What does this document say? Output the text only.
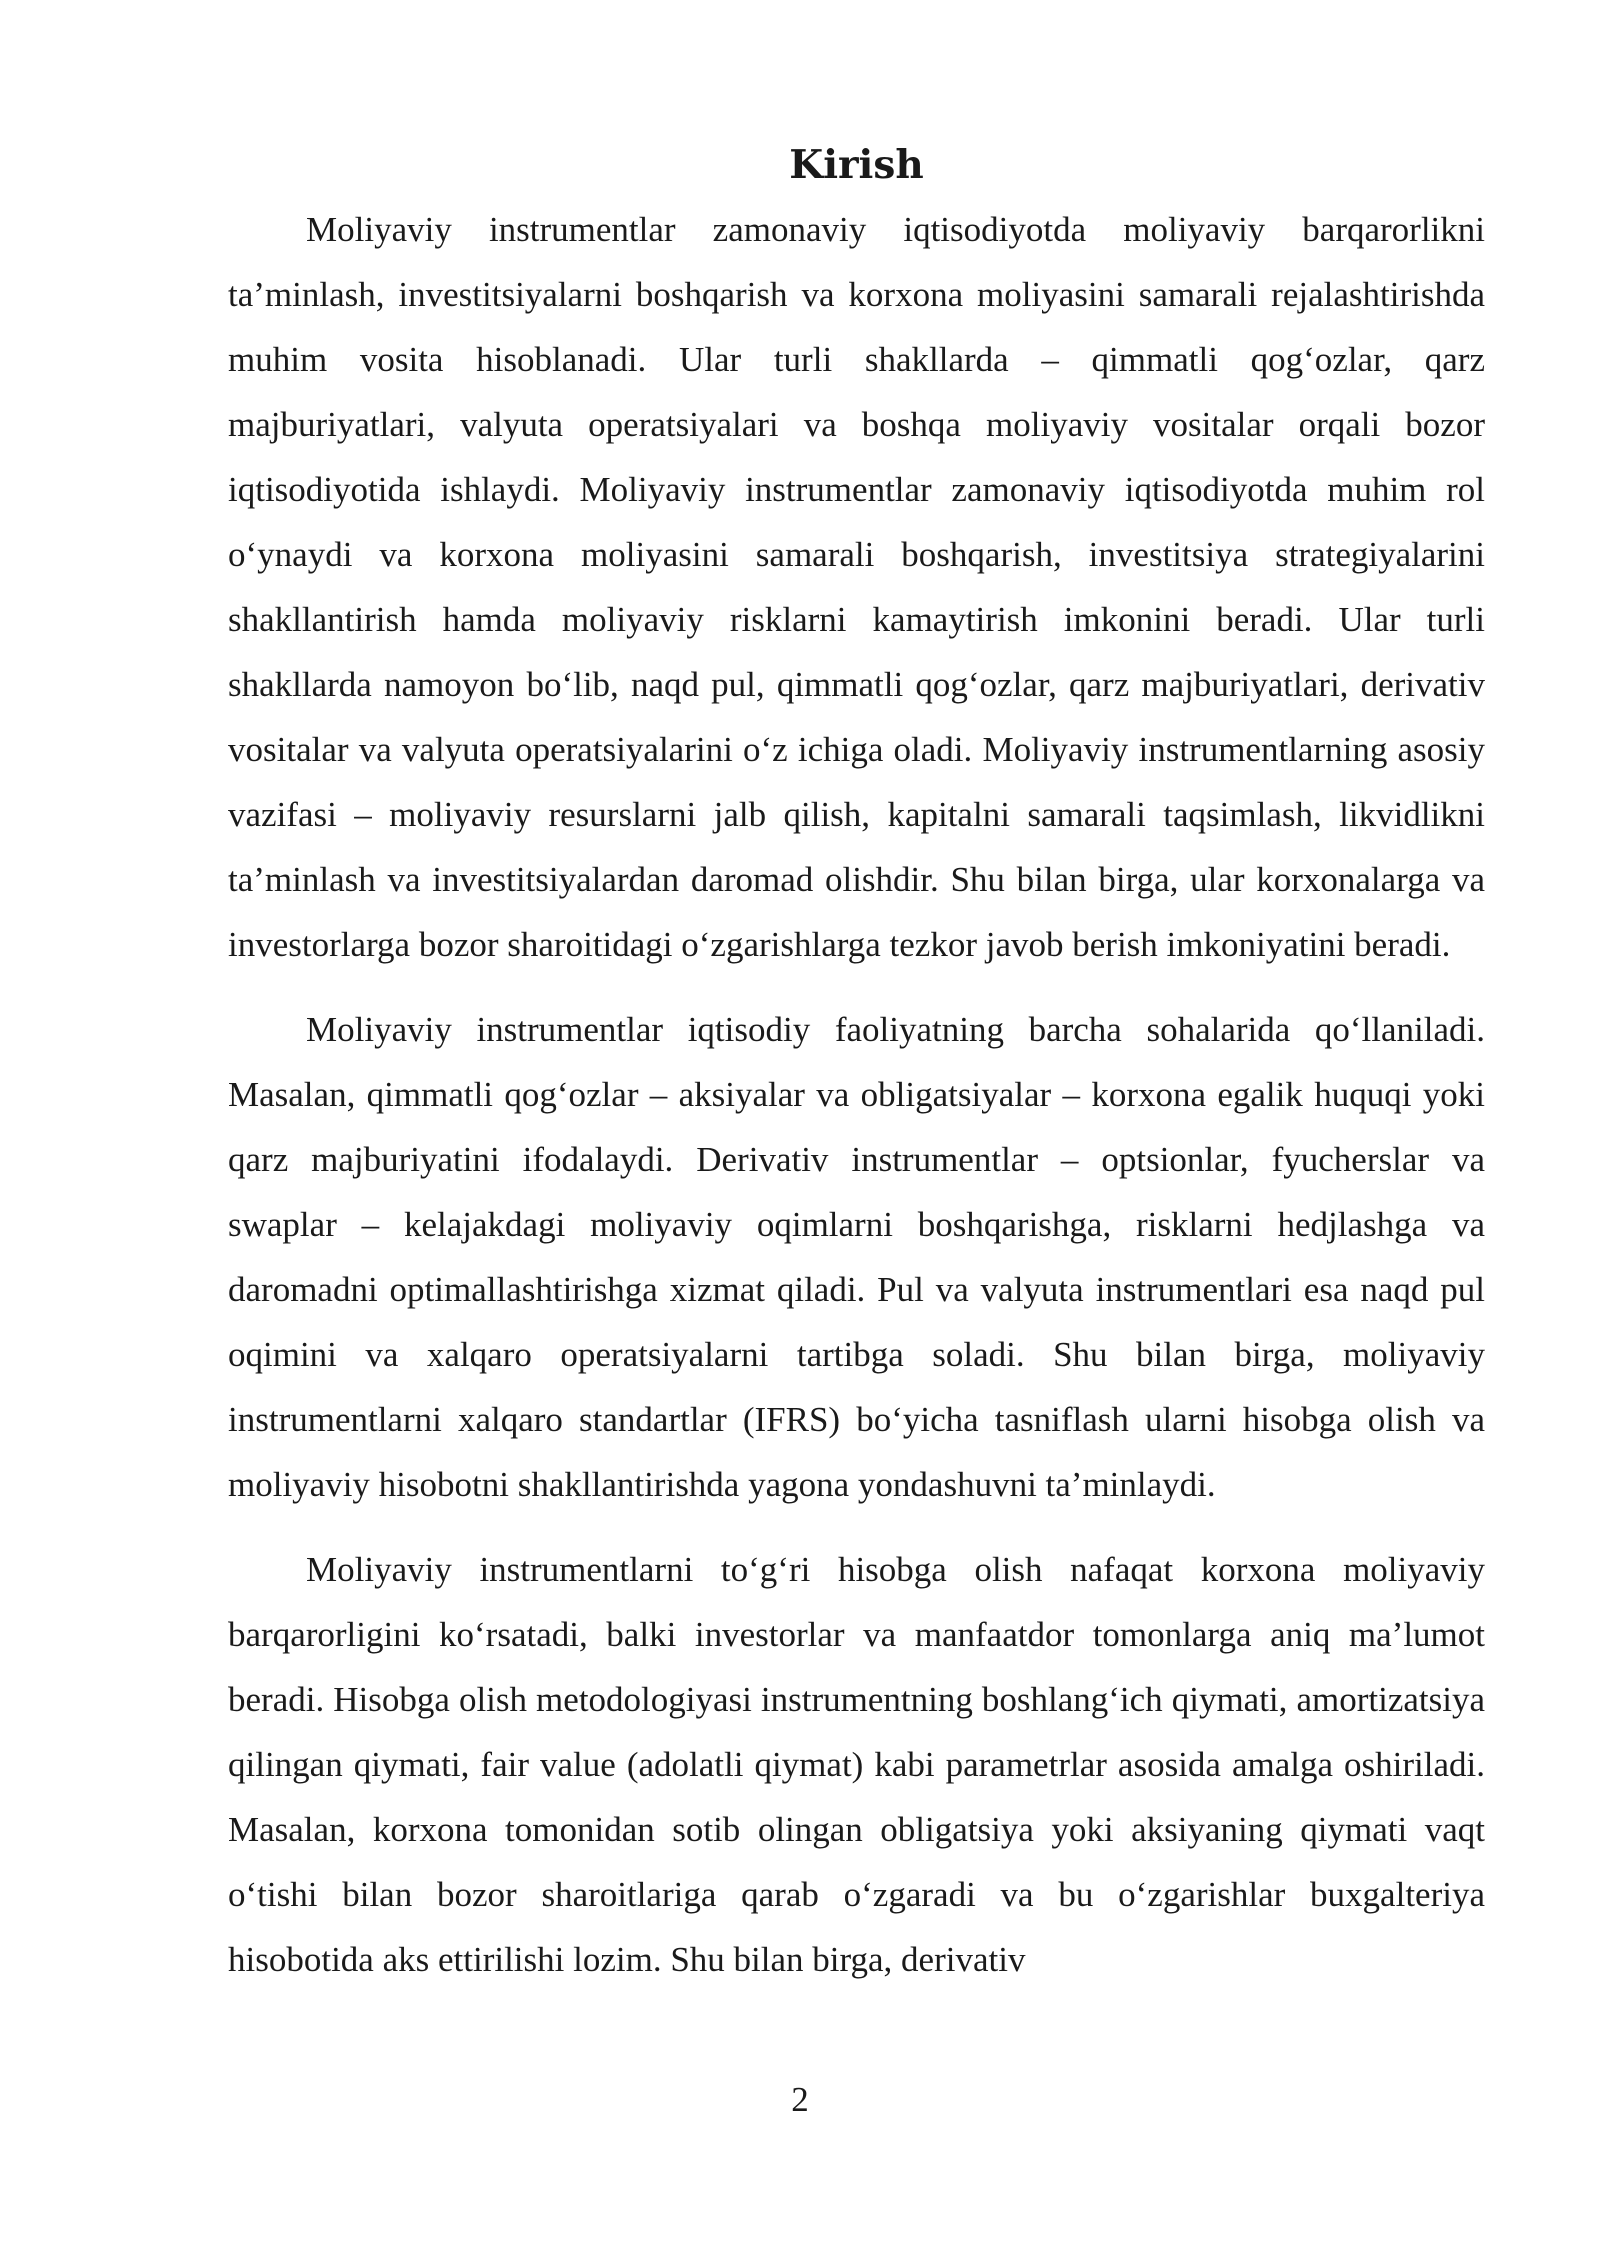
Kirish

Moliyaviy instrumentlar zamonaviy iqtisodiyotda moliyaviy barqarorlikni ta’minlash, investitsiyalarni boshqarish va korxona moliyasini samarali rejalashtirishda muhim vosita hisoblanadi. Ular turli shakllarda – qimmatli qog‘ozlar, qarz majburiyatlari, valyuta operatsiyalari va boshqa moliyaviy vositalar orqali bozor iqtisodiyotida ishlaydi. Moliyaviy instrumentlar zamonaviy iqtisodiyotda muhim rol o‘ynaydi va korxona moliyasini samarali boshqarish, investitsiya strategiyalarini shakllantirish hamda moliyaviy risklarni kamaytirish imkonini beradi. Ular turli shakllarda namoyon bo‘lib, naqd pul, qimmatli qog‘ozlar, qarz majburiyatlari, derivativ vositalar va valyuta operatsiyalarini o‘z ichiga oladi. Moliyaviy instrumentlarning asosiy vazifasi – moliyaviy resurslarni jalb qilish, kapitalni samarali taqsimlash, likvidlikni ta’minlash va investitsiyalardan daromad olishdir. Shu bilan birga, ular korxonalarga va investorlarga bozor sharoitidagi o‘zgarishlarga tezkor javob berish imkoniyatini beradi.

Moliyaviy instrumentlar iqtisodiy faoliyatning barcha sohalarida qo‘llaniladi. Masalan, qimmatli qog‘ozlar – aksiyalar va obligatsiyalar – korxona egalik huquqi yoki qarz majburiyatini ifodalaydi. Derivativ instrumentlar – optsionlar, fyucherslar va swaplar – kelajakdagi moliyaviy oqimlarni boshqarishga, risklarni hedjlashga va daromadni optimallashtirishga xizmat qiladi. Pul va valyuta instrumentlari esa naqd pul oqimini va xalqaro operatsiyalarni tartibga soladi. Shu bilan birga, moliyaviy instrumentlarni xalqaro standartlar (IFRS) bo‘yicha tasniflash ularni hisobga olish va moliyaviy hisobotni shakllantirishda yagona yondashuvni ta’minlaydi.

Moliyaviy instrumentlarni to‘g‘ri hisobga olish nafaqat korxona moliyaviy barqarorligini ko‘rsatadi, balki investorlar va manfaatdor tomonlarga aniq ma’lumot beradi. Hisobga olish metodologiyasi instrumentning boshlang‘ich qiymati, amortizatsiya qilingan qiymati, fair value (adolatli qiymat) kabi parametrlar asosida amalga oshiriladi. Masalan, korxona tomonidan sotib olingan obligatsiya yoki aksiyaning qiymati vaqt o‘tishi bilan bozor sharoitlariga qarab o‘zgaradi va bu o‘zgarishlar buxgalteriya hisobotida aks ettirilishi lozim. Shu bilan birga, derivativ

2
